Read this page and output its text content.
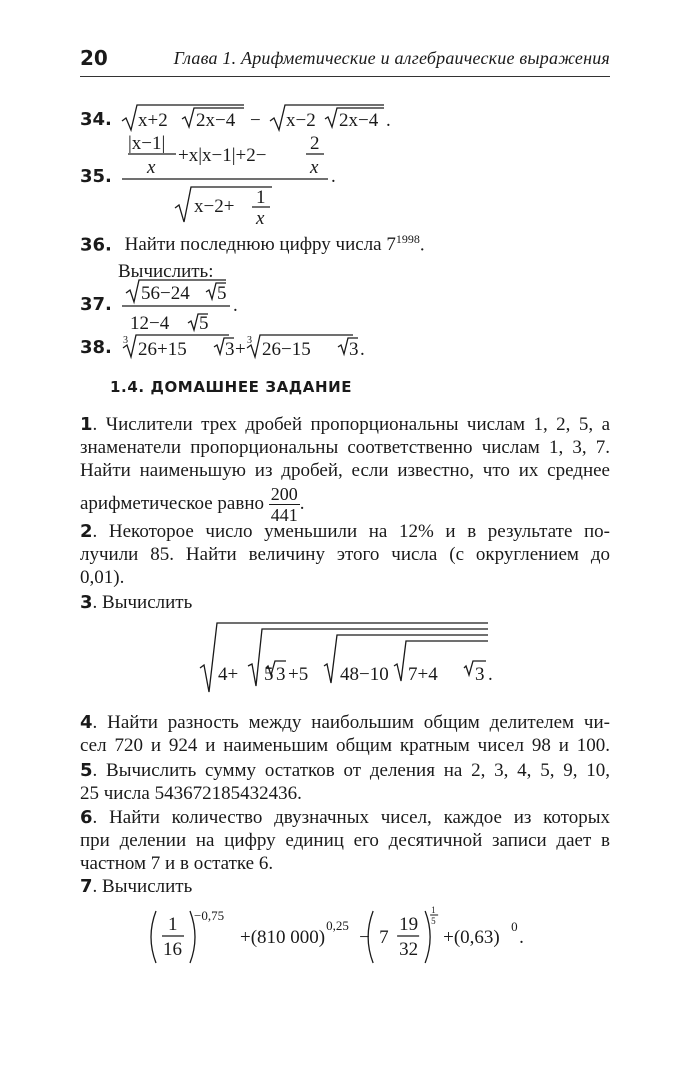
20	Глава 1. Арифметические и алгебраические выражения
34. x+2 2x−4 − x−2 2x−4 .
35.
|x−1|
x
+x|x−1|+2−
2
x .
x−2+ 1
x
36. Найти последнюю цифру числа $7^{1998}$.
Вычислить:
37.
56−24 5
12−4 5
.
38. 3 26+15 3 + 3 26−15 3 .
1.4. ДОМАШНЕЕ ЗАДАНИЕ
1. Числители трех дробей пропорциональны числам 1, 2, 5, а
знаменатели пропорциональны соответственно числам 1, 3, 7.
Найти наименьшую из дробей, если известно, что их среднее
арифметическое равно $\frac{200}{441}$ .
2. Некоторое число уменьшили на 12% и в результате по-
лучили 85. Найти величину этого числа (с округлением до
0,01).
3. Вычислить
4+ 5 3 +5 48−10 7+4 3 .
4. Найти разность между наибольшим общим делителем чи-
сел 720 и 924 и наименьшим общим кратным чисел 98 и 100.
5. Вычислить сумму остатков от деления на 2, 3, 4, 5, 9, 10,
25 числа 543672185432436.
6. Найти количество двузначных чисел, каждое из которых
при делении на цифру единиц его десятичной записи дает в
частном 7 и в остатке 6.
7. Вычислить
1
16
−0,75
+(810 000) − 7
19
32
1
5
+(0,63)
0
.
0,25
